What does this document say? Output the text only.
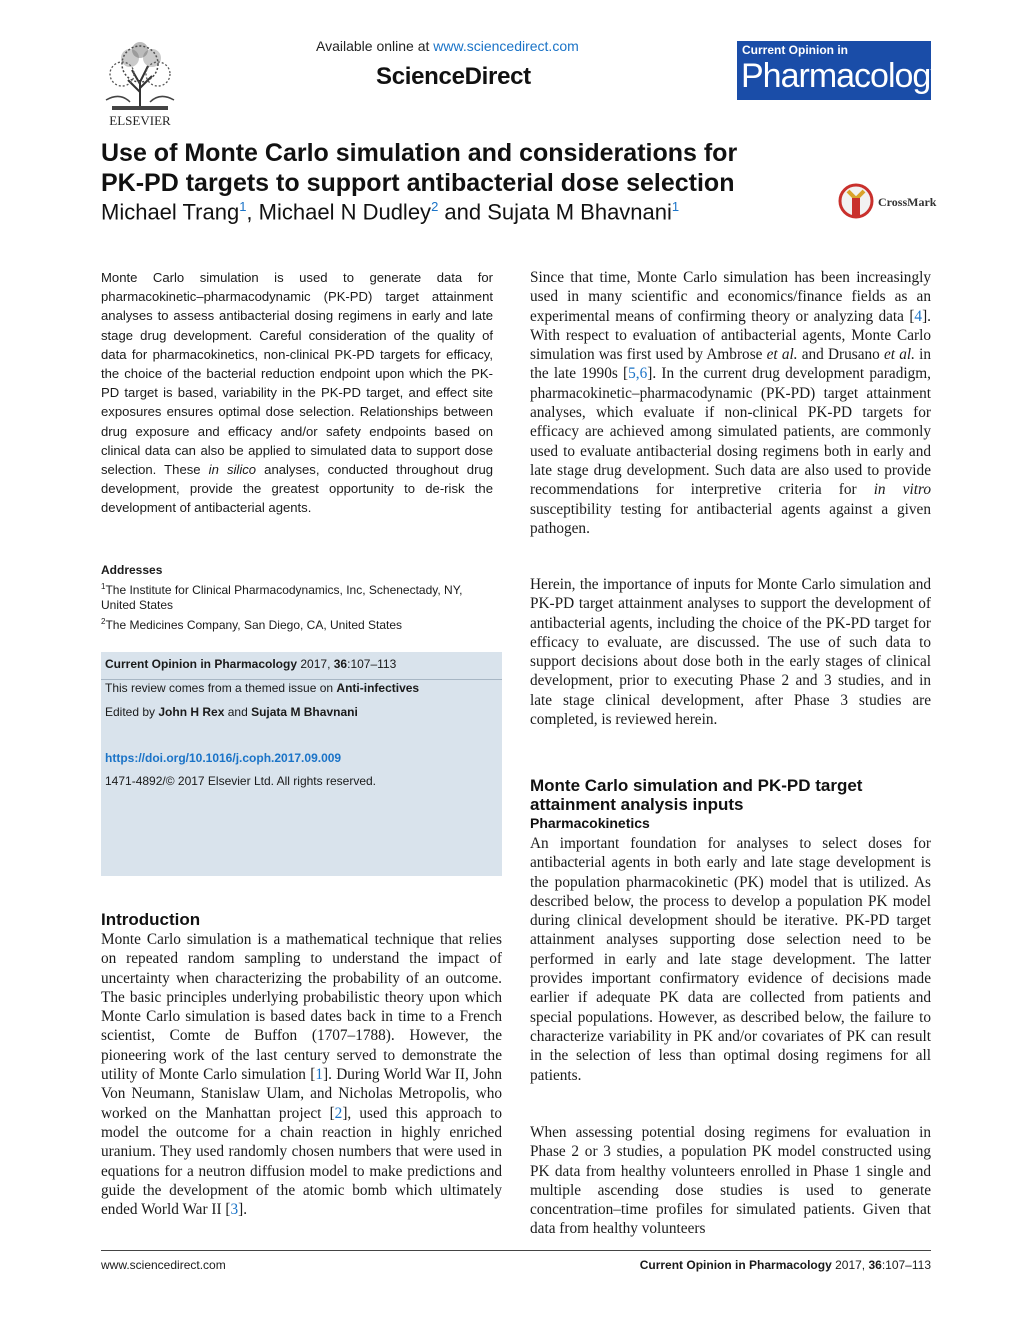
ELSEVIER
Available online at www.sciencedirect.com
ScienceDirect
Current Opinion in
Pharmacology
Use of Monte Carlo simulation and considerations for
PK-PD targets to support antibacterial dose selection
Michael Trang$^1$, Michael N Dudley$^2$ and Sujata M Bhavnani$^1$	CrossMark
Monte Carlo simulation is used to generate data for pharmacokinetic–pharmacodynamic (PK-PD) target attainment analyses to assess antibacterial dosing regimens in early and late stage drug development. Careful consideration of the quality of data for pharmacokinetics, non-clinical PK-PD targets for efficacy, the choice of the bacterial reduction endpoint upon which the PK-PD target is based, variability in the PK-PD target, and effect site exposures ensures optimal dose selection. Relationships between drug exposure and efficacy and/or safety endpoints based on clinical data can also be applied to simulated data to support dose selection. These in silico analyses, conducted throughout drug development, provide the greatest opportunity to de-risk the development of antibacterial agents.
Addresses
$^1$The Institute for Clinical Pharmacodynamics, Inc, Schenectady, NY, United States
$^2$The Medicines Company, San Diego, CA, United States
Current Opinion in Pharmacology 2017, 36:107–113
This review comes from a themed issue on Anti-infectives
Edited by John H Rex and Sujata M Bhavnani
https://doi.org/10.1016/j.coph.2017.09.009
1471-4892/© 2017 Elsevier Ltd. All rights reserved.
Introduction
Monte Carlo simulation is a mathematical technique that relies on repeated random sampling to understand the impact of uncertainty when characterizing the probability of an outcome. The basic principles underlying probabilistic theory upon which Monte Carlo simulation is based dates back in time to a French scientist, Comte de Buffon (1707–1788). However, the pioneering work of the last century served to demonstrate the utility of Monte Carlo simulation [1]. During World War II, John Von Neumann, Stanislaw Ulam, and Nicholas Metropolis, who worked on the Manhattan project [2], used this approach to model the outcome for a chain reaction in highly enriched uranium. They used randomly chosen numbers that were used in equations for a neutron diffusion model to make predictions and guide the development of the atomic bomb which ultimately ended World War II [3].
Since that time, Monte Carlo simulation has been increasingly used in many scientific and economics/finance fields as an experimental means of confirming theory or analyzing data [4]. With respect to evaluation of antibacterial agents, Monte Carlo simulation was first used by Ambrose et al. and Drusano et al. in the late 1990s [5,6]. In the current drug development paradigm, pharmacokinetic–pharmacodynamic (PK-PD) target attainment analyses, which evaluate if non-clinical PK-PD targets for efficacy are achieved among simulated patients, are commonly used to evaluate antibacterial dosing regimens both in early and late stage drug development. Such data are also used to provide recommendations for interpretive criteria for in vitro susceptibility testing for antibacterial agents against a given pathogen.
Herein, the importance of inputs for Monte Carlo simulation and PK-PD target attainment analyses to support the development of antibacterial agents, including the choice of the PK-PD target for efficacy to evaluate, are discussed. The use of such data to support decisions about dose both in the early stages of clinical development, prior to executing Phase 2 and 3 studies, and in late stage clinical development, after Phase 3 studies are completed, is reviewed herein.
Monte Carlo simulation and PK-PD target attainment analysis inputs
Pharmacokinetics
An important foundation for analyses to select doses for antibacterial agents in both early and late stage development is the population pharmacokinetic (PK) model that is utilized. As described below, the process to develop a population PK model during clinical development should be iterative. PK-PD target attainment analyses supporting dose selection need to be performed in early and late stage development. The latter provides important confirmatory evidence of decisions made earlier if adequate PK data are collected from patients and special populations. However, as described below, the failure to characterize variability in PK and/or covariates of PK can result in the selection of less than optimal dosing regimens for all patients.
When assessing potential dosing regimens for evaluation in Phase 2 or 3 studies, a population PK model constructed using PK data from healthy volunteers enrolled in Phase 1 single and multiple ascending dose studies is used to generate concentration–time profiles for simulated patients. Given that data from healthy volunteers
www.sciencedirect.com	Current Opinion in Pharmacology 2017, 36:107–113
